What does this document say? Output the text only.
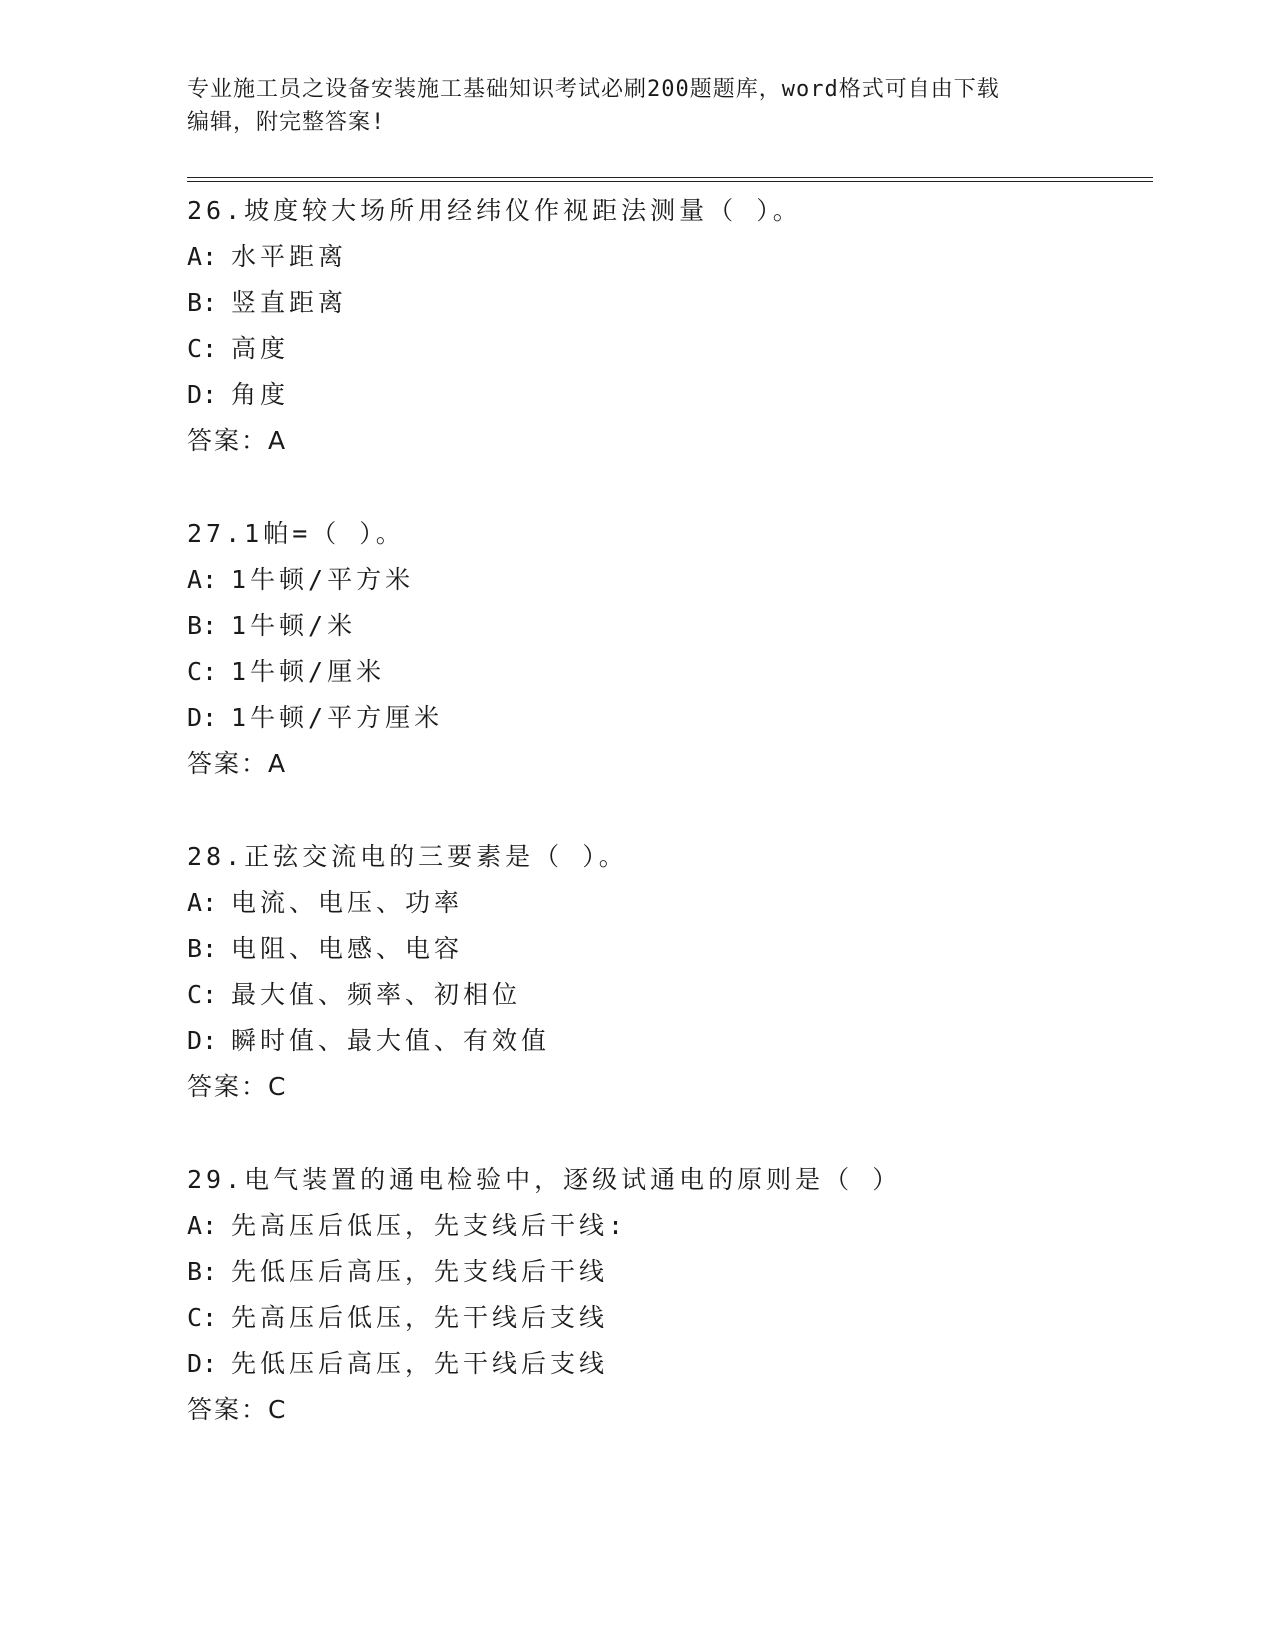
专业施工员之设备安装施工基础知识考试必刷200题题库，word格式可自由下载
编辑，附完整答案!
26.坡度较大场所用经纬仪作视距法测量（ ）。
A: 水平距离
B: 竖直距离
C: 高度
D: 角度
答案：A
27.1帕=（ ）。
A: 1牛顿/平方米
B: 1牛顿/米
C: 1牛顿/厘米
D: 1牛顿/平方厘米
答案：A
28.正弦交流电的三要素是（ ）。
A: 电流、电压、功率
B: 电阻、电感、电容
C: 最大值、频率、初相位
D: 瞬时值、最大值、有效值
答案：C
29.电气装置的通电检验中，逐级试通电的原则是（ ）
A: 先高压后低压，先支线后干线:
B: 先低压后高压，先支线后干线
C: 先高压后低压，先干线后支线
D: 先低压后高压，先干线后支线
答案：C
